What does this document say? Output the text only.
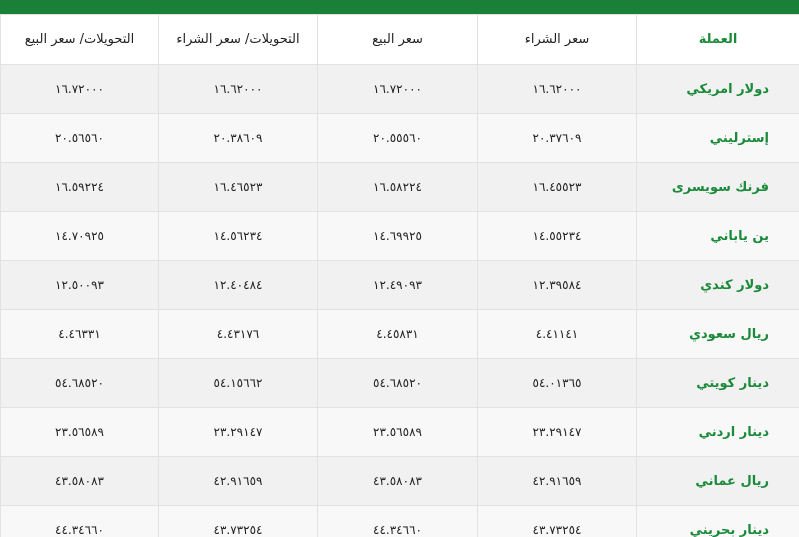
العملة	سعر الشراء	سعر البيع	التحويلات/ سعر الشراء	التحويلات/ سعر البيع
دولار امريكي	١٦.٦٢٠٠٠	١٦.٧٢٠٠٠	١٦.٦٢٠٠٠	١٦.٧٢٠٠٠
إسترليني	٢٠.٣٧٦٠٩	٢٠.٥٥٥٦٠	٢٠.٣٨٦٠٩	٢٠.٥٦٥٦٠
فرنك سويسرى	١٦.٤٥٥٢٣	١٦.٥٨٢٢٤	١٦.٤٦٥٢٣	١٦.٥٩٢٢٤
ين ياباني	١٤.٥٥٢٣٤	١٤.٦٩٩٢٥	١٤.٥٦٢٣٤	١٤.٧٠٩٢٥
دولار كندي	١٢.٣٩٥٨٤	١٢.٤٩٠٩٣	١٢.٤٠٤٨٤	١٢.٥٠٠٩٣
ريال سعودي	٤.٤١١٤١	٤.٤٥٨٣١	٤.٤٣١٧٦	٤.٤٦٣٣١
دينار كويتي	٥٤.٠١٣٦٥	٥٤.٦٨٥٢٠	٥٤.١٥٦٦٢	٥٤.٦٨٥٢٠
دينار اردني	٢٣.٢٩١٤٧	٢٣.٥٦٥٨٩	٢٣.٢٩١٤٧	٢٣.٥٦٥٨٩
ريال عماني	٤٢.٩١٦٥٩	٤٣.٥٨٠٨٣	٤٢.٩١٦٥٩	٤٣.٥٨٠٨٣
دينار بحريني	٤٣.٧٣٢٥٤	٤٤.٣٤٦٦٠	٤٣.٧٣٢٥٤	٤٤.٣٤٦٦٠
